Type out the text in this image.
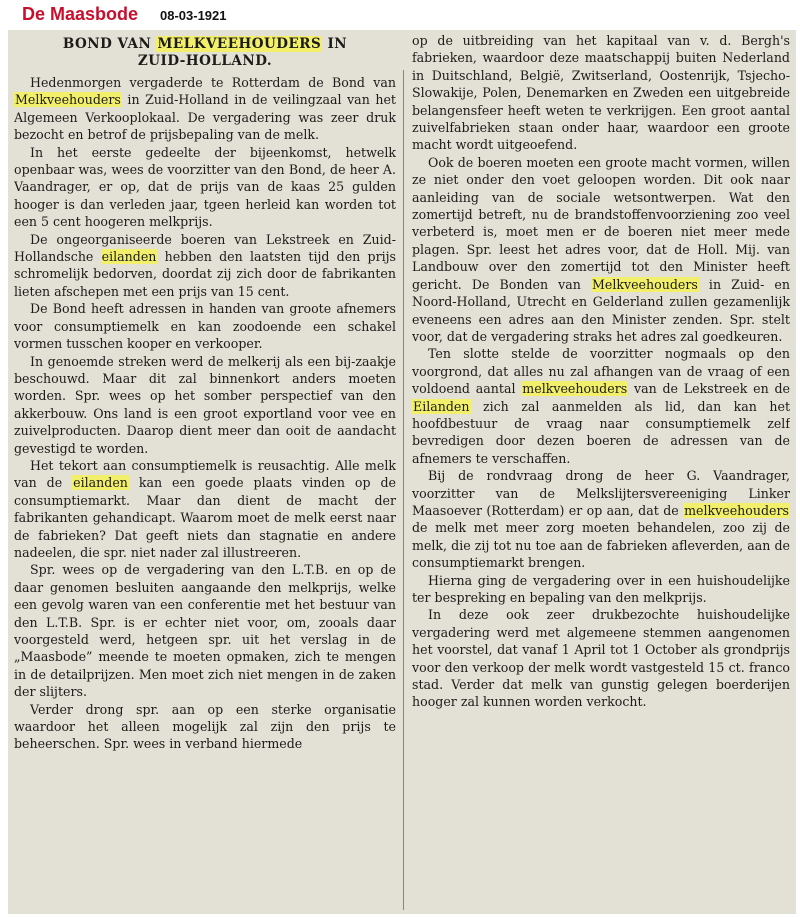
De Maasbode 08-03-1921
BOND VAN MELKVEEHOUDERS IN
ZUID-HOLLAND.

Hedenmorgen vergaderde te Rotterdam de Bond van Melkveehouders in Zuid-Holland in de veilingzaal van het Algemeen Verkooplokaal. De vergadering was zeer druk bezocht en betrof de prijsbepaling van de melk.

In het eerste gedeelte der bijeenkomst, hetwelk openbaar was, wees de voorzitter van den Bond, de heer A. Vaandrager, er op, dat de prijs van de kaas 25 gulden hooger is dan verleden jaar, tgeen herleid kan worden tot een 5 cent hoogeren melkprijs.

De ongeorganiseerde boeren van Lekstreek en Zuid-Hollandsche eilanden hebben den laatsten tijd den prijs schromelijk bedorven, doordat zij zich door de fabrikanten lieten afschepen met een prijs van 15 cent.

De Bond heeft adressen in handen van groote afnemers voor consumptiemelk en kan zoodoende een schakel vormen tusschen kooper en verkooper.

In genoemde streken werd de melkerij als een bij-zaakje beschouwd. Maar dit zal binnenkort anders moeten worden. Spr. wees op het somber perspectief van den akkerbouw. Ons land is een groot exportland voor vee en zuivelproducten. Daarop dient meer dan ooit de aandacht gevestigd te worden.

Het tekort aan consumptiemelk is reusachtig. Alle melk van de eilanden kan een goede plaats vinden op de consumptiemarkt. Maar dan dient de macht der fabrikanten gehandicapt. Waarom moet de melk eerst naar de fabrieken? Dat geeft niets dan stagnatie en andere nadeelen, die spr. niet nader zal illustreeren.

Spr. wees op de vergadering van den L.T.B. en op de daar genomen besluiten aangaande den melkprijs, welke een gevolg waren van een conferentie met het bestuur van den L.T.B. Spr. is er echter niet voor, om, zooals daar voorgesteld werd, hetgeen spr. uit het verslag in de „Maasbode” meende te moeten opmaken, zich te mengen in de detailprijzen. Men moet zich niet mengen in de zaken der slijters.

Verder drong spr. aan op een sterke organisatie waardoor het alleen mogelijk zal zijn den prijs te beheerschen. Spr. wees in verband hiermede

op de uitbreiding van het kapitaal van v. d. Bergh's fabrieken, waardoor deze maatschappij buiten Nederland in Duitschland, België, Zwitserland, Oostenrijk, Tsjecho-Slowakije, Polen, Denemarken en Zweden een uitgebreide belangensfeer heeft weten te verkrijgen. Een groot aantal zuivelfabrieken staan onder haar, waardoor een groote macht wordt uitgeoefend.

Ook de boeren moeten een groote macht vormen, willen ze niet onder den voet geloopen worden. Dit ook naar aanleiding van de sociale wetsontwerpen. Wat den zomertijd betreft, nu de brandstoffenvoorziening zoo veel verbeterd is, moet men er de boeren niet meer mede plagen. Spr. leest het adres voor, dat de Holl. Mij. van Landbouw over den zomertijd tot den Minister heeft gericht. De Bonden van Melkveehouders in Zuid- en Noord-Holland, Utrecht en Gelderland zullen gezamenlijk eveneens een adres aan den Minister zenden. Spr. stelt voor, dat de vergadering straks het adres zal goedkeuren.

Ten slotte stelde de voorzitter nogmaals op den voorgrond, dat alles nu zal afhangen van de vraag of een voldoend aantal melkveehouders van de Lekstreek en de Eilanden zich zal aanmelden als lid, dan kan het hoofdbestuur de vraag naar consumptiemelk zelf bevredigen door dezen boeren de adressen van de afnemers te verschaffen.

Bij de rondvraag drong de heer G. Vaandrager, voorzitter van de Melkslijtersvereeniging Linker Maasoever (Rotterdam) er op aan, dat de melkveehouders de melk met meer zorg moeten behandelen, zoo zij de melk, die zij tot nu toe aan de fabrieken afleverden, aan de consumptiemarkt brengen.

Hierna ging de vergadering over in een huishoudelijke ter bespreking en bepaling van den melkprijs.

In deze ook zeer drukbezochte huishoudelijke vergadering werd met algemeene stemmen aangenomen het voorstel, dat vanaf 1 April tot 1 October als grondprijs voor den verkoop der melk wordt vastgesteld 15 ct. franco stad. Verder dat melk van gunstig gelegen boerderijen hooger zal kunnen worden verkocht.
